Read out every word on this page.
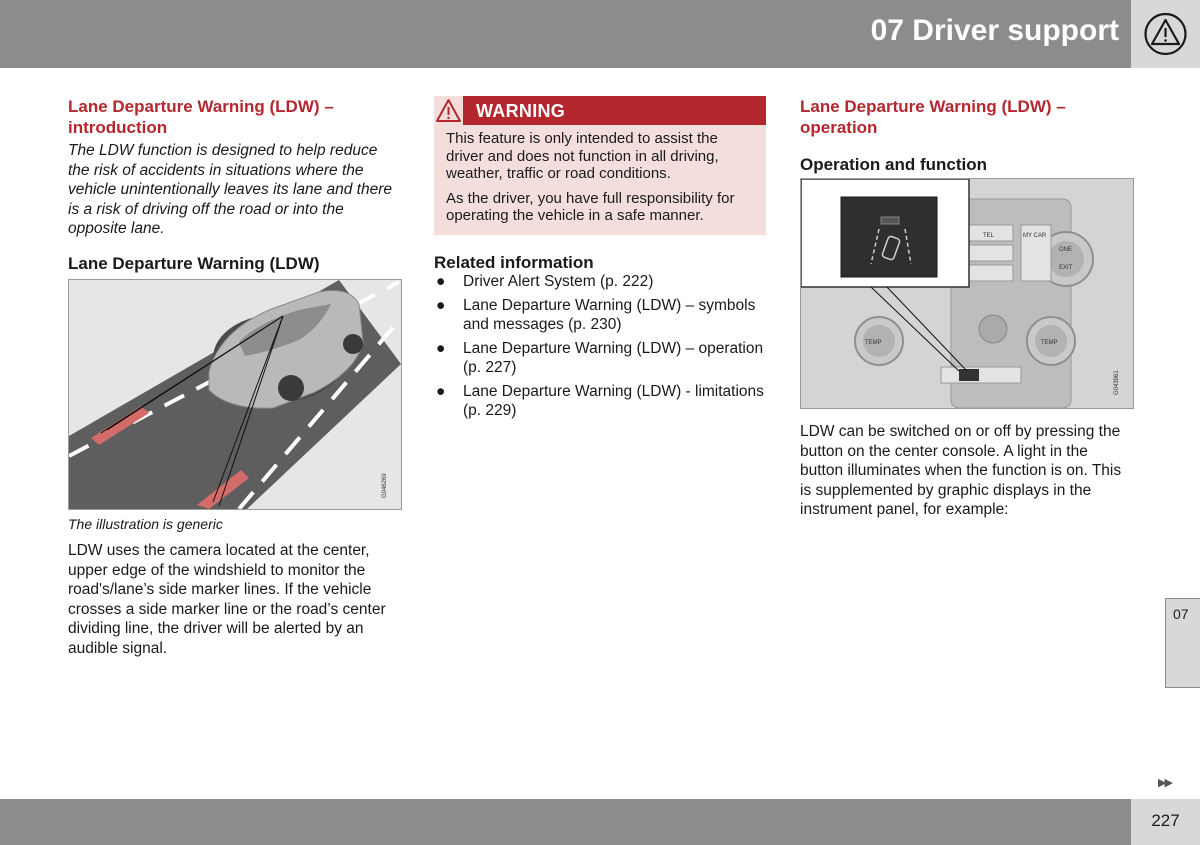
07 Driver support
Lane Departure Warning (LDW) –
introduction

The LDW function is designed to help reduce the risk of accidents in situations where the vehicle unintentionally leaves its lane and there is a risk of driving off the road or into the opposite lane.

Lane Departure Warning (LDW)
G046269

The illustration is generic

LDW uses the camera located at the center, upper edge of the windshield to monitor the road's/lane’s side marker lines. If the vehicle crosses a side marker line or the road’s center dividing line, the driver will be alerted by an audible signal.

WARNING

This feature is only intended to assist the driver and does not function in all driving, weather, traffic or road conditions.

As the driver, you have full responsibility for operating the vehicle in a safe manner.

Related information
● Driver Alert System (p. 222)
● Lane Departure Warning (LDW) – symbols and messages (p. 230)
● Lane Departure Warning (LDW) – operation (p. 227)
● Lane Departure Warning (LDW) - limitations (p. 229)
Lane Departure Warning (LDW) –
operation
Operation and function
TEL	MY CAR
ONE
EXIT
TEMP	TEMP
G043961

LDW can be switched on or off by pressing the button on the center console. A light in the button illuminates when the function is on. This is supplemented by graphic displays in the instrument panel, for example:

07
▶▶
227
